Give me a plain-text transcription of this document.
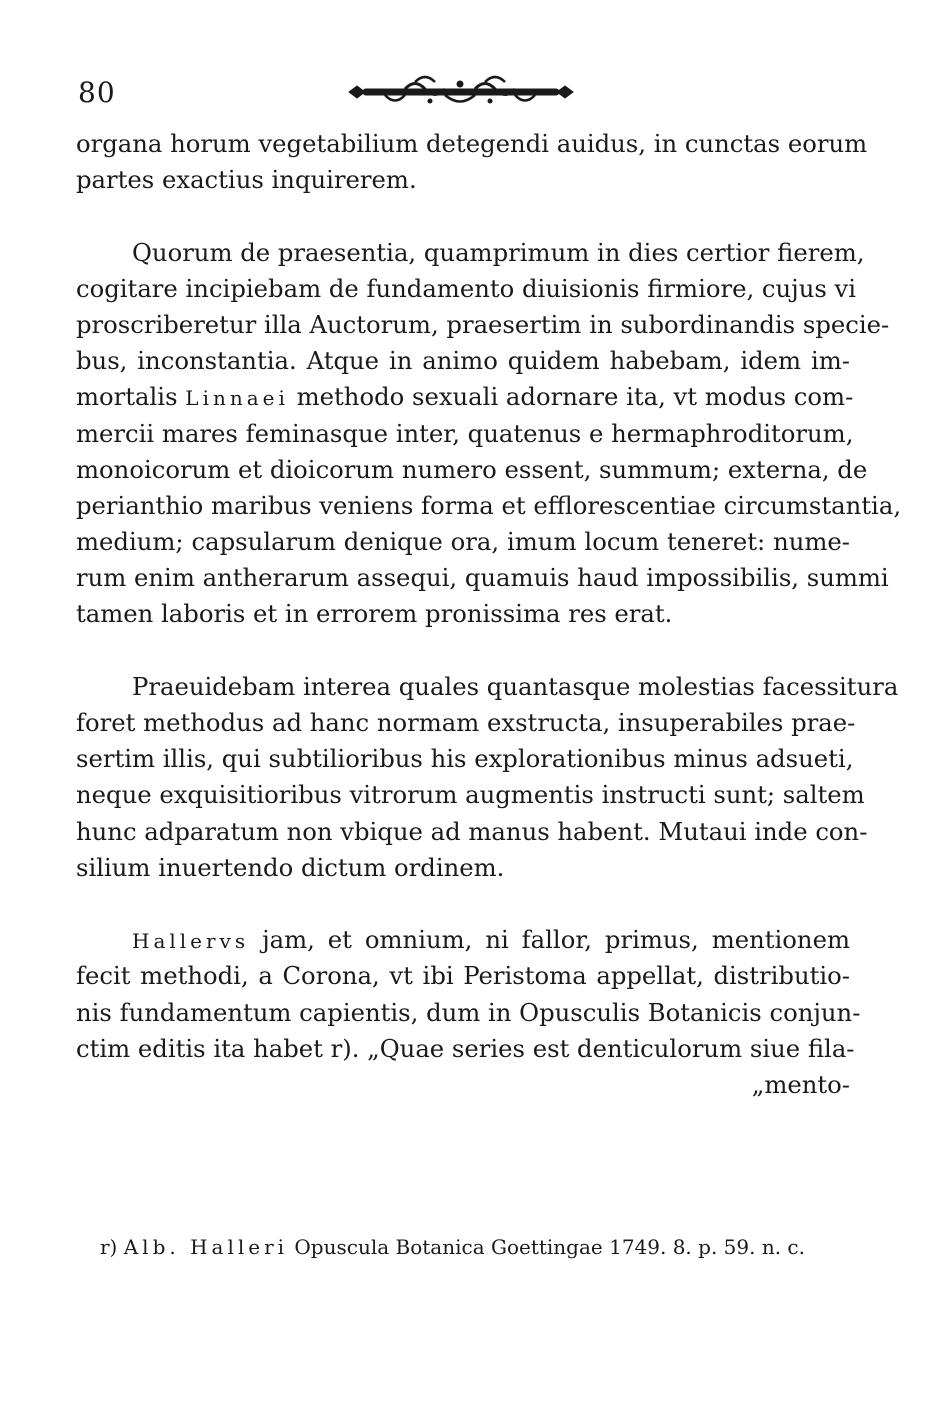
80
organa horum vegetabilium detegendi auidus, in cunctas eorum
partes exactius inquirerem.
Quorum de praesentia, quamprimum in dies certior fierem,
cogitare incipiebam de fundamento diuisionis firmiore, cujus vi
proscriberetur illa Auctorum, praesertim in subordinandis specie-
bus, inconstantia. Atque in animo quidem habebam, idem im-
mortalis Linnaei methodo sexuali adornare ita, vt modus com-
mercii mares feminasque inter, quatenus e hermaphroditorum,
monoicorum et dioicorum numero essent, summum; externa, de
perianthio maribus veniens forma et efflorescentiae circumstantia,
medium; capsularum denique ora, imum locum teneret: nume-
rum enim antherarum assequi, quamuis haud impossibilis, summi
tamen laboris et in errorem pronissima res erat.
Praeuidebam interea quales quantasque molestias facessitura
foret methodus ad hanc normam exstructa, insuperabiles prae-
sertim illis, qui subtilioribus his explorationibus minus adsueti,
neque exquisitioribus vitrorum augmentis instructi sunt; saltem
hunc adparatum non vbique ad manus habent. Mutaui inde con-
silium inuertendo dictum ordinem.
Hallervs jam, et omnium, ni fallor, primus, mentionem
fecit methodi, a Corona, vt ibi Peristoma appellat, distributio-
nis fundamentum capientis, dum in Opusculis Botanicis conjun-
ctim editis ita habet r). „Quae series est denticulorum siue fila-
„mento-
r) Alb. Halleri Opuscula Botanica Goettingae 1749. 8. p. 59. n. c.
